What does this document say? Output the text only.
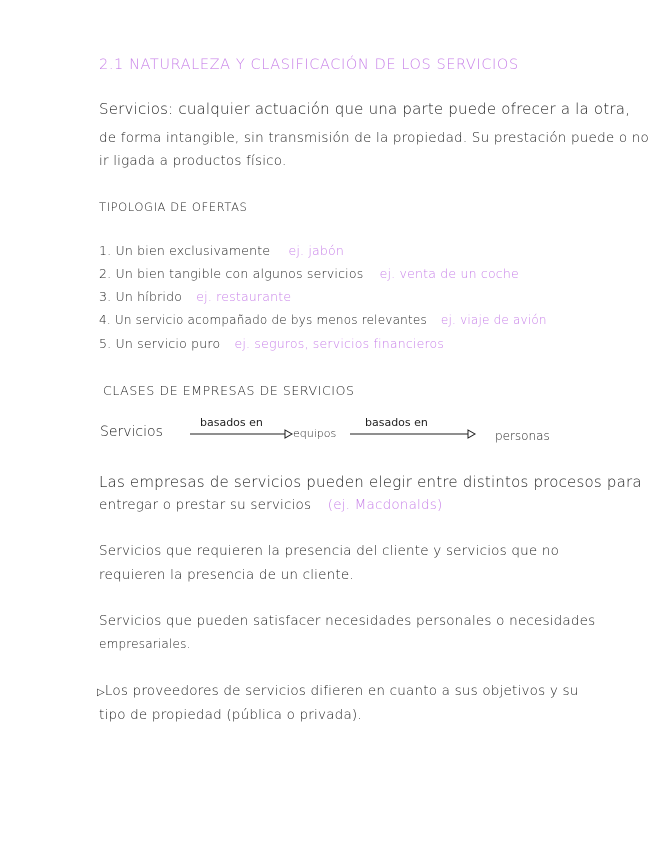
2.1 NATURALEZA Y CLASIFICACIÓN DE LOS SERVICIOS
Servicios: cualquier actuación que una parte puede ofrecer a la otra,
de forma intangible, sin transmisión de la propiedad. Su prestación puede o no
ir ligada a productos físico.
TIPOLOGIA DE OFERTAS
1. Un bien exclusivamente ej. jabón
2. Un bien tangible con algunos servicios ej. venta de un coche
3. Un híbrido ej. restaurante
4. Un servicio acompañado de bys menos relevantes ej. viaje de avión
5. Un servicio puro ej. seguros, servicios financieros
CLASES DE EMPRESAS DE SERVICIOS
Servicios
basados en
equipos
basados en
personas
Las empresas de servicios pueden elegir entre distintos procesos para
entregar o prestar su servicios (ej. Macdonalds)
Servicios que requieren la presencia del cliente y servicios que no
requieren la presencia de un cliente.
Servicios que pueden satisfacer necesidades personales o necesidades
empresariales.
▷Los proveedores de servicios difieren en cuanto a sus objetivos y su
tipo de propiedad (pública o privada).
